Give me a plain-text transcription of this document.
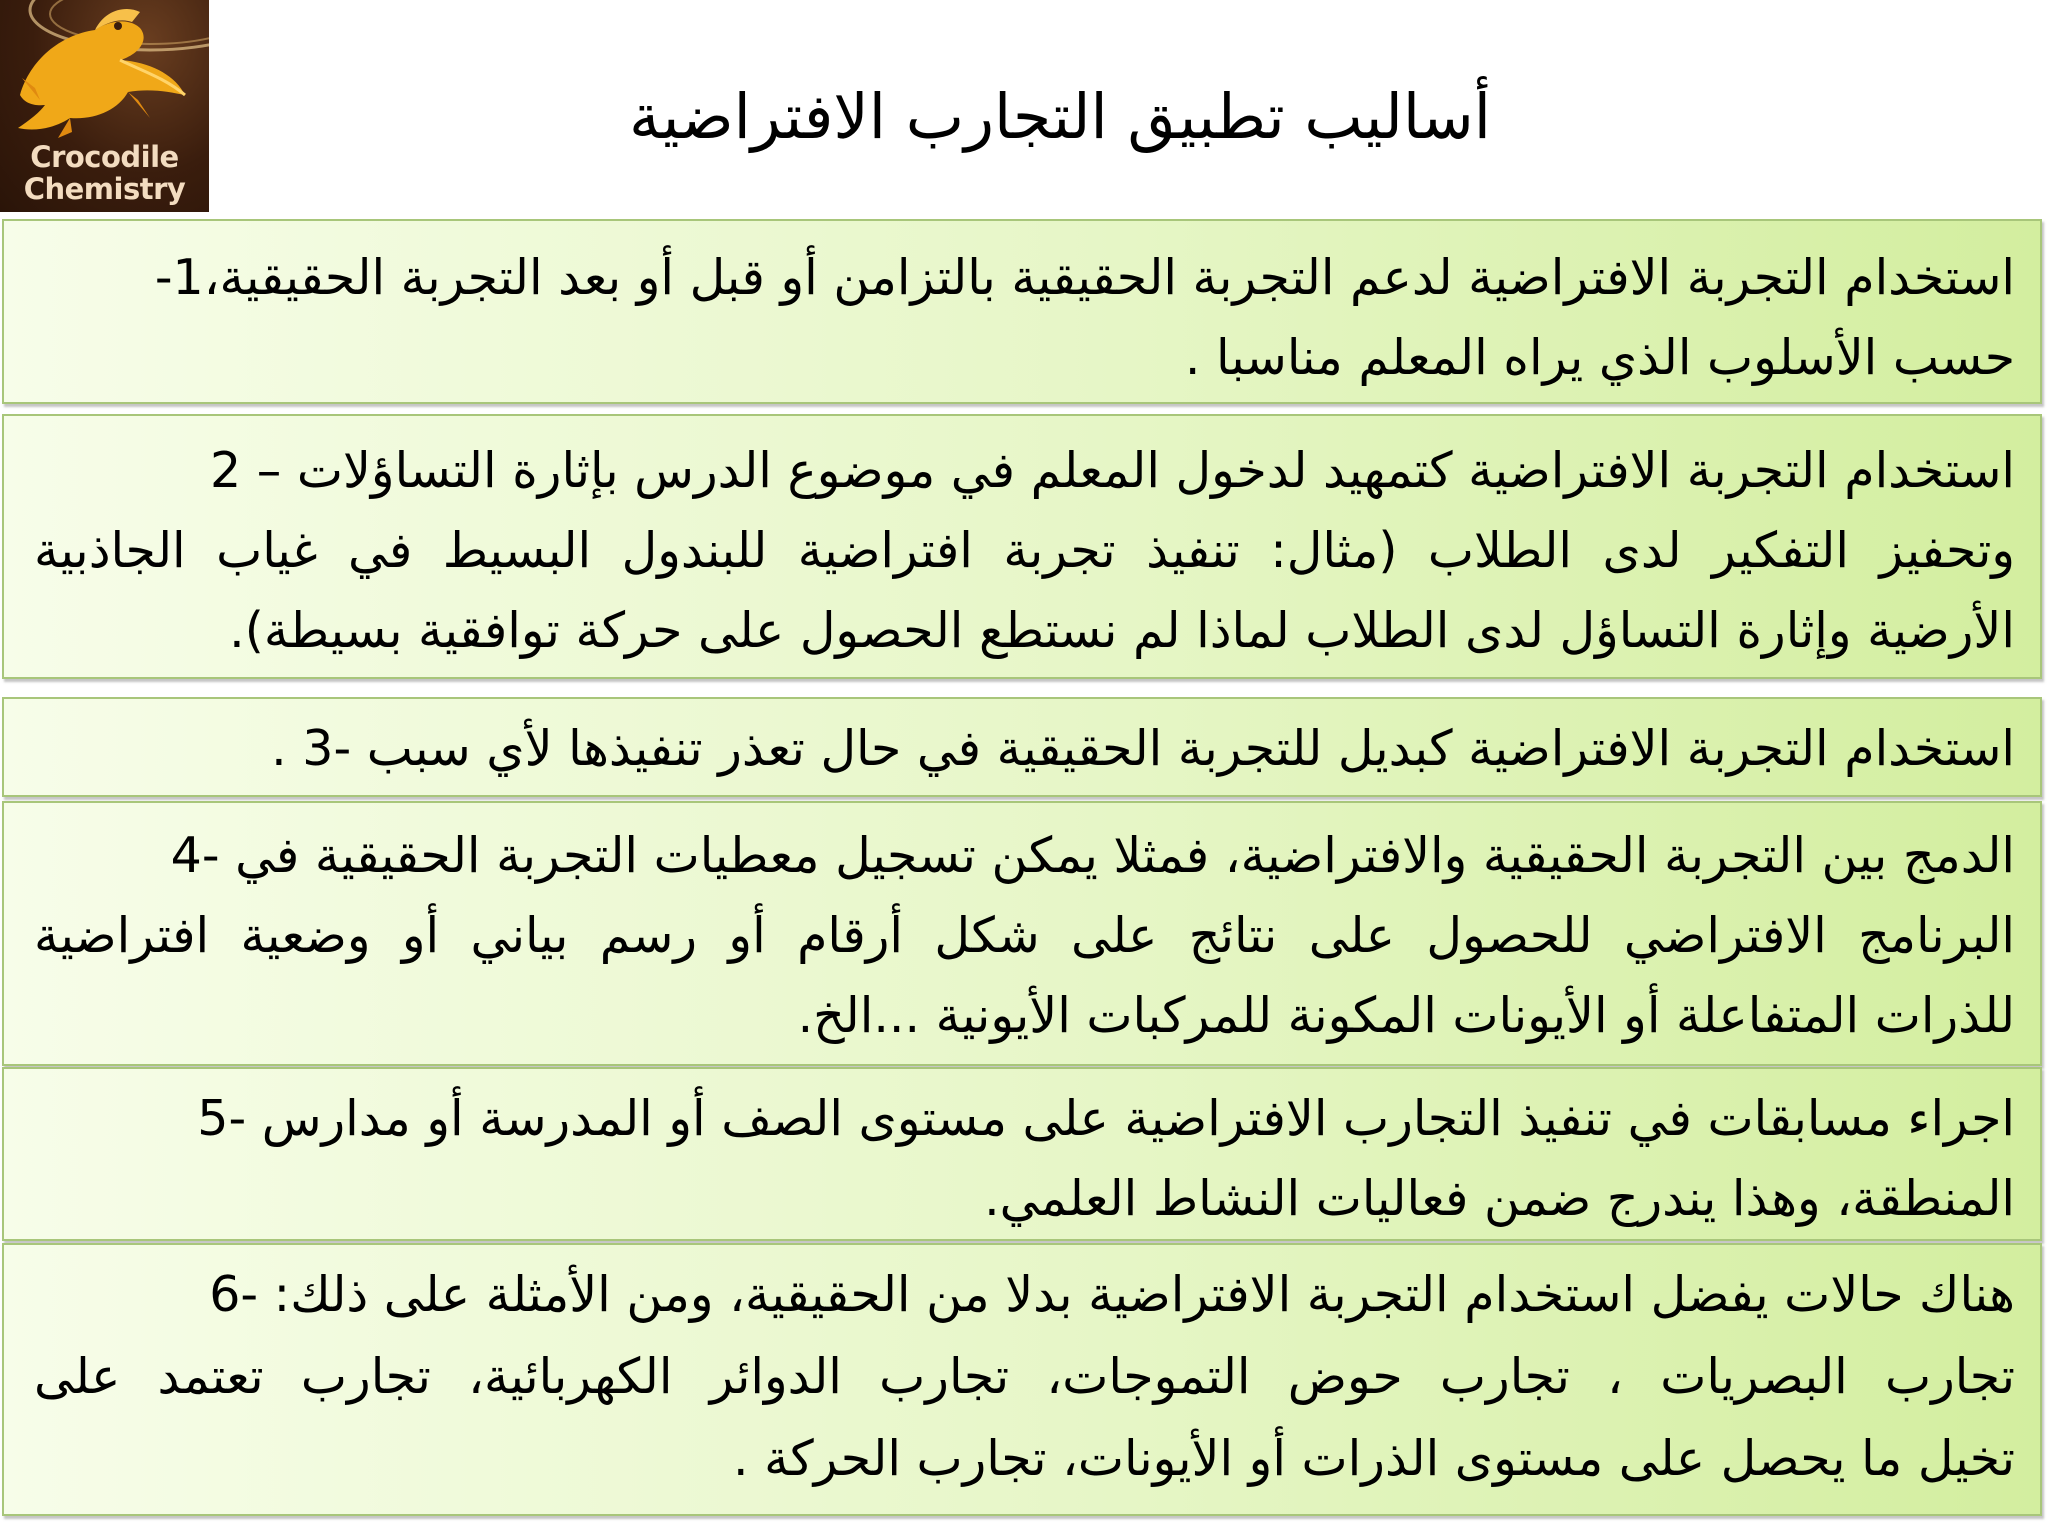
Crocodile
Chemistry
أساليب تطبيق التجارب الافتراضية
استخدام التجربة الافتراضية لدعم التجربة الحقيقية بالتزامن أو قبل أو بعد التجربة الحقيقية،1-
حسب الأسلوب الذي يراه المعلم مناسبا .
استخدام التجربة الافتراضية كتمهيد لدخول المعلم في موضوع الدرس بإثارة التساؤلات – 2
وتحفيز التفكير لدى الطلاب (مثال: تنفيذ تجربة افتراضية للبندول البسيط في غياب الجاذبية
الأرضية وإثارة التساؤل لدى الطلاب لماذا لم نستطع الحصول على حركة توافقية بسيطة).
استخدام التجربة الافتراضية كبديل للتجربة الحقيقية في حال تعذر تنفيذها لأي سبب -3 .
الدمج بين التجربة الحقيقية والافتراضية، فمثلا يمكن تسجيل معطيات التجربة الحقيقية في -4
البرنامج الافتراضي للحصول على نتائج على شكل أرقام أو رسم بياني أو وضعية افتراضية
للذرات المتفاعلة أو الأيونات المكونة للمركبات الأيونية ...الخ.
اجراء مسابقات في تنفيذ التجارب الافتراضية على مستوى الصف أو المدرسة أو مدارس -5
المنطقة، وهذا يندرج ضمن فعاليات النشاط العلمي.
هناك حالات يفضل استخدام التجربة الافتراضية بدلا من الحقيقية، ومن الأمثلة على ذلك: -6
تجارب البصريات ، تجارب حوض التموجات، تجارب الدوائر الكهربائية، تجارب تعتمد على
تخيل ما يحصل على مستوى الذرات أو الأيونات، تجارب الحركة .
